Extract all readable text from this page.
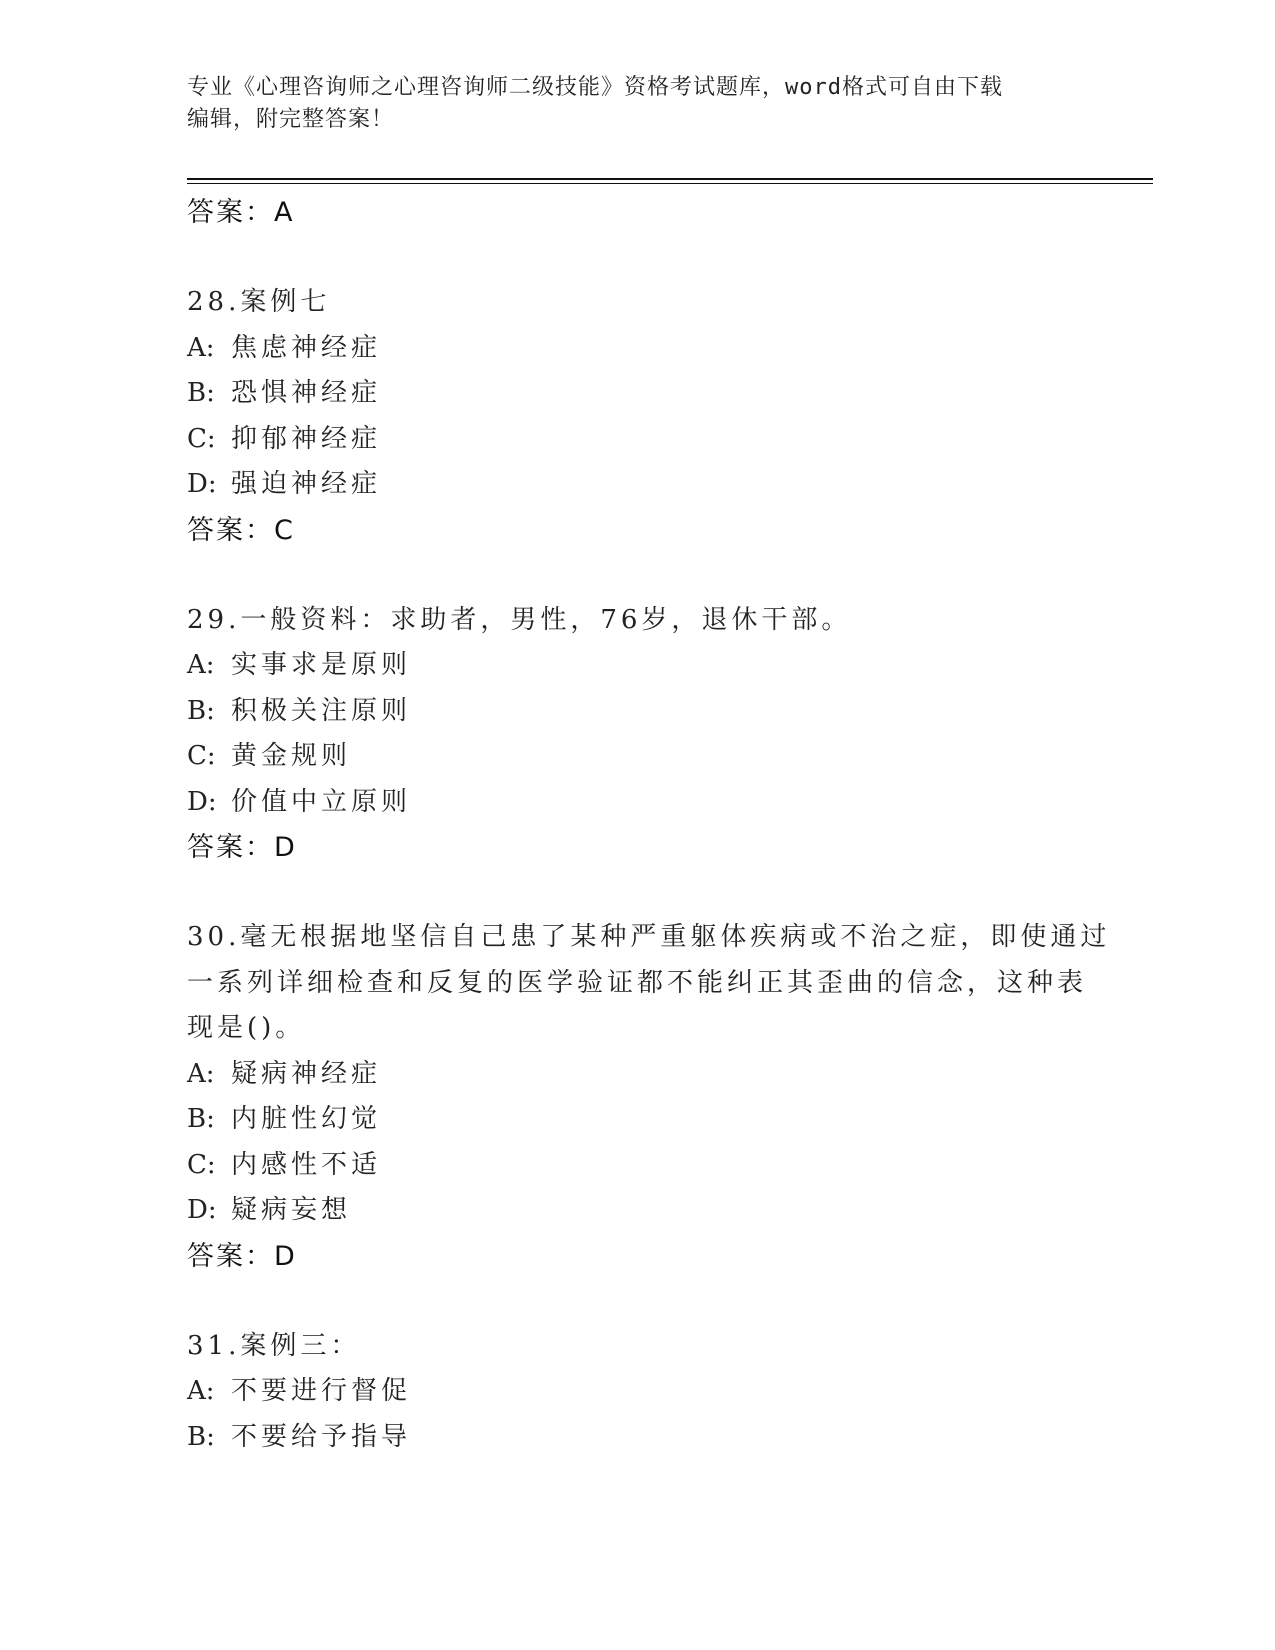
专业《心理咨询师之心理咨询师二级技能》资格考试题库，word格式可自由下载
编辑，附完整答案！
答案：A
28.案例七
A: 焦虑神经症
B: 恐惧神经症
C: 抑郁神经症
D: 强迫神经症
答案：C
29.一般资料：求助者，男性，76岁，退休干部。
A: 实事求是原则
B: 积极关注原则
C: 黄金规则
D: 价值中立原则
答案：D
30.毫无根据地坚信自己患了某种严重躯体疾病或不治之症，即使通过
一系列详细检查和反复的医学验证都不能纠正其歪曲的信念，这种表
现是()。
A: 疑病神经症
B: 内脏性幻觉
C: 内感性不适
D: 疑病妄想
答案：D
31.案例三：
A: 不要进行督促
B: 不要给予指导
